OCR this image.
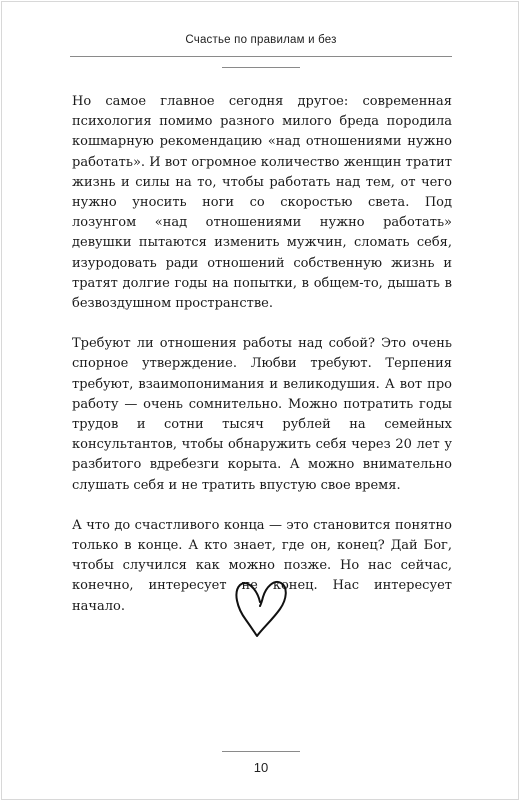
Счастье по правилам и без

Но самое главное сегодня другое: современная психология помимо разного милого бреда породила кошмарную рекомендацию «над отношениями нужно работать». И вот огромное количество женщин тратит жизнь и силы на то, чтобы работать над тем, от чего нужно уносить ноги со скоростью света. Под лозунгом «над отношениями нужно работать» девушки пытаются изменить мужчин, сломать себя, изуродовать ради отношений собственную жизнь и тратят долгие годы на попытки, в общем-то, дышать в безвоздушном пространстве.

Требуют ли отношения работы над собой? Это очень спорное утверждение. Любви требуют. Терпения требуют, взаимопонимания и великодушия. А вот про работу — очень сомнительно. Можно потратить годы трудов и сотни тысяч рублей на семейных консультантов, чтобы обнаружить себя через 20 лет у разбитого вдребезги корыта. А можно внимательно слушать себя и не тратить впустую свое время.

А что до счастливого конца — это становится понятно только в конце. А кто знает, где он, конец? Дай Бог, чтобы случился как можно позже. Но нас сейчас, конечно, интересует не конец. Нас интересует начало.

10
